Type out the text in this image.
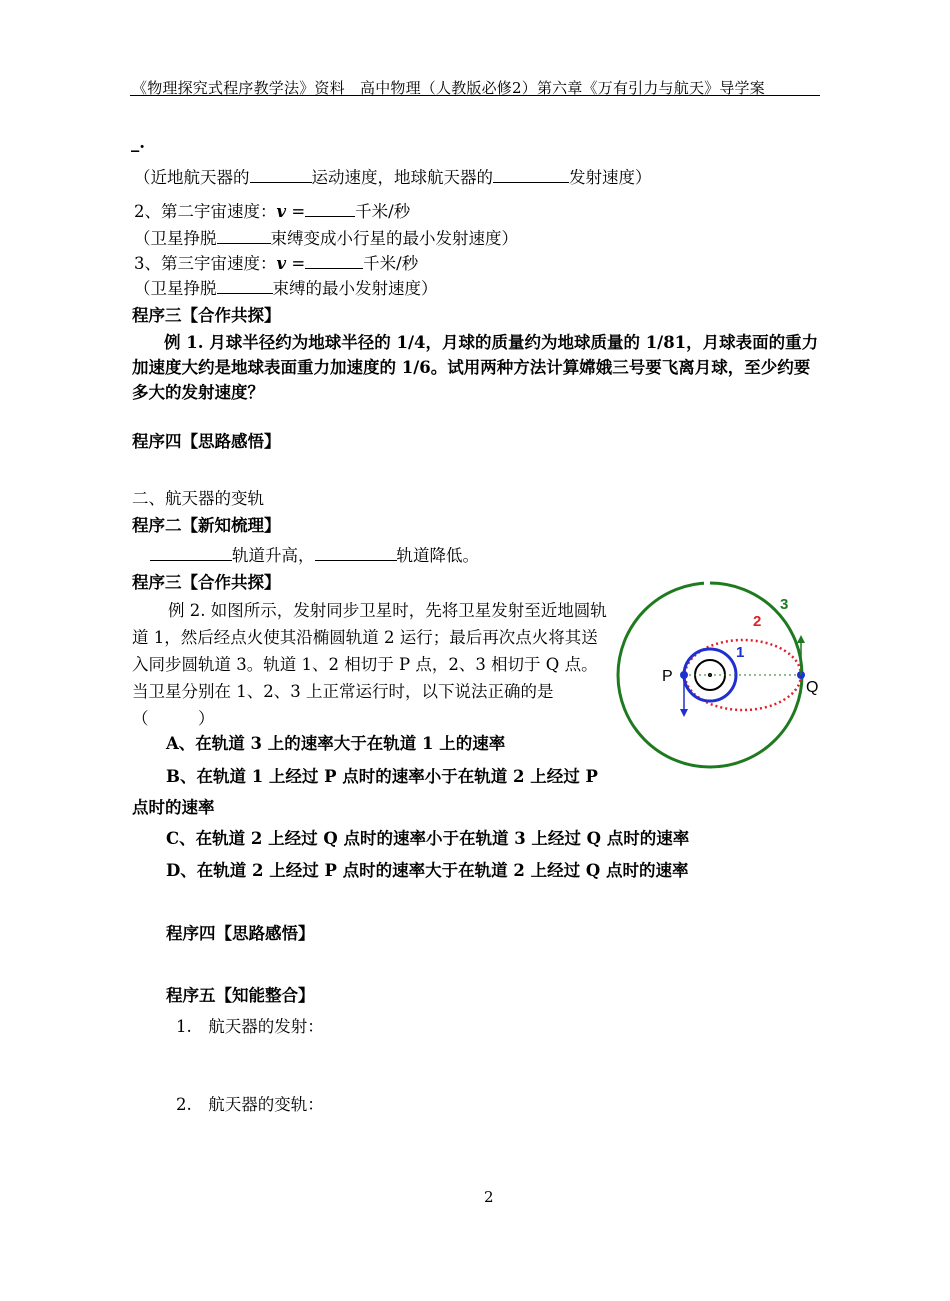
《物理探究式程序教学法》资料　高中物理（人教版必修2）第六章《万有引力与航天》导学案
_.
（近地航天器的	运动速度，地球航天器的	发射速度）
2、第二宇宙速度：v =	千米/秒
（卫星挣脱	束缚变成小行星的最小发射速度）
3、第三宇宙速度：v =	千米/秒
（卫星挣脱	束缚的最小发射速度）
程序三【合作共探】
例 1. 月球半径约为地球半径的 1/4，月球的质量约为地球质量的 1/81，月球表面的重力加速度大约是地球表面重力加速度的 1/6。试用两种方法计算嫦娥三号要飞离月球，至少约要多大的发射速度？
程序四【思路感悟】
二、航天器的变轨
程序二【新知梳理】
轨道升高，	轨道降低。
程序三【合作共探】
例 2. 如图所示，发射同步卫星时，先将卫星发射至近地圆轨道 1，然后经点火使其沿椭圆轨道 2 运行；最后再次点火将其送入同步圆轨道 3。轨道 1、2 相切于 P 点，2、3 相切于 Q 点。当卫星分别在 1、2、3 上正常运行时，以下说法正确的是（　　　）
A、在轨道 3 上的速率大于在轨道 1 上的速率
B、在轨道 1 上经过 P 点时的速率小于在轨道 2 上经过 P
点时的速率
C、在轨道 2 上经过 Q 点时的速率小于在轨道 3 上经过 Q 点时的速率
D、在轨道 2 上经过 P 点时的速率大于在轨道 2 上经过 Q 点时的速率
1
2
3
P
Q
程序四【思路感悟】
程序五【知能整合】
1.　航天器的发射：
2.　航天器的变轨：
2
